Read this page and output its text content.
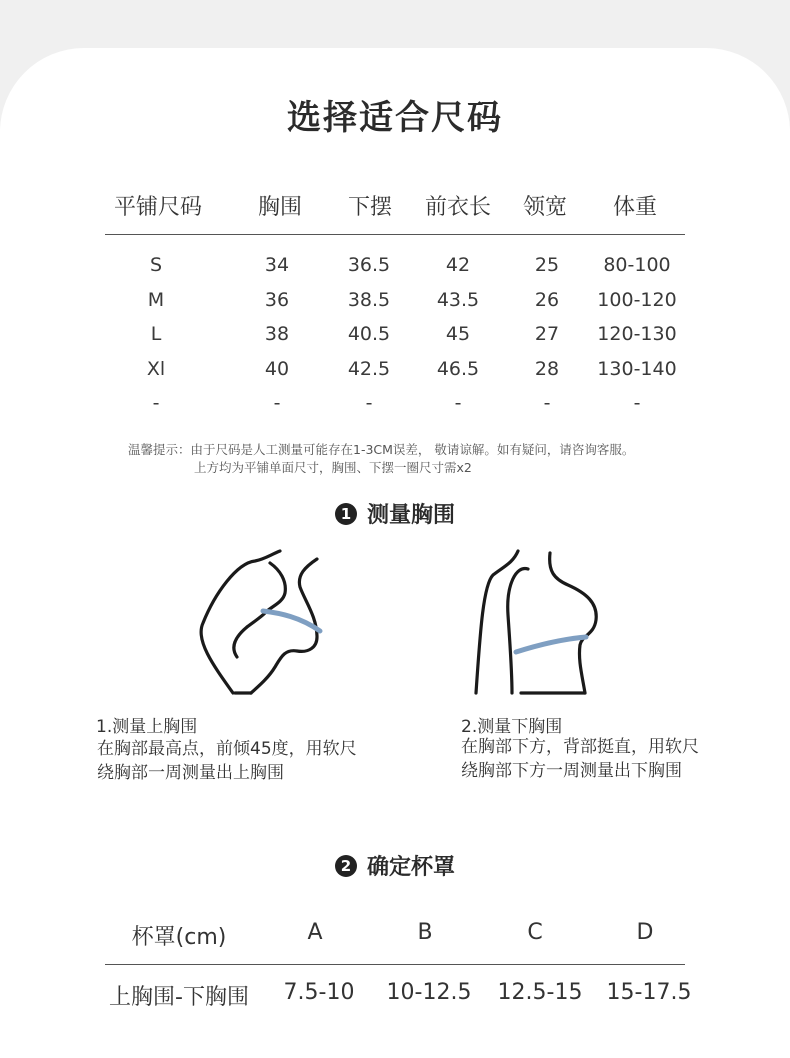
选择适合尺码
平铺尺码	胸围 下摆 前衣长 领宽 体重
S	34	36.5	42	25 80-100
M	36	38.5 43.5	26 100-120
L	38	40.5	45	27 120-130
Xl	40	42.5 46.5	28 130-140
-	-	-	-	-	-
温馨提示：由于尺码是人工测量可能存在1-3CM误差， 敬请谅解。如有疑问，请咨询客服。
上方均为平铺单面尺寸，胸围、下摆一圈尺寸需x2
1 测量胸围
1.测量上胸围
在胸部最高点，前倾45度，用软尺
绕胸部一周测量出上胸围
2.测量下胸围
在胸部下方，背部挺直，用软尺
绕胸部下方一周测量出下胸围
2 确定杯罩
杯罩(cm)	A	B	C	D
上胸围-下胸围 7.5-10 10-12.5 12.5-15 15-17.5
